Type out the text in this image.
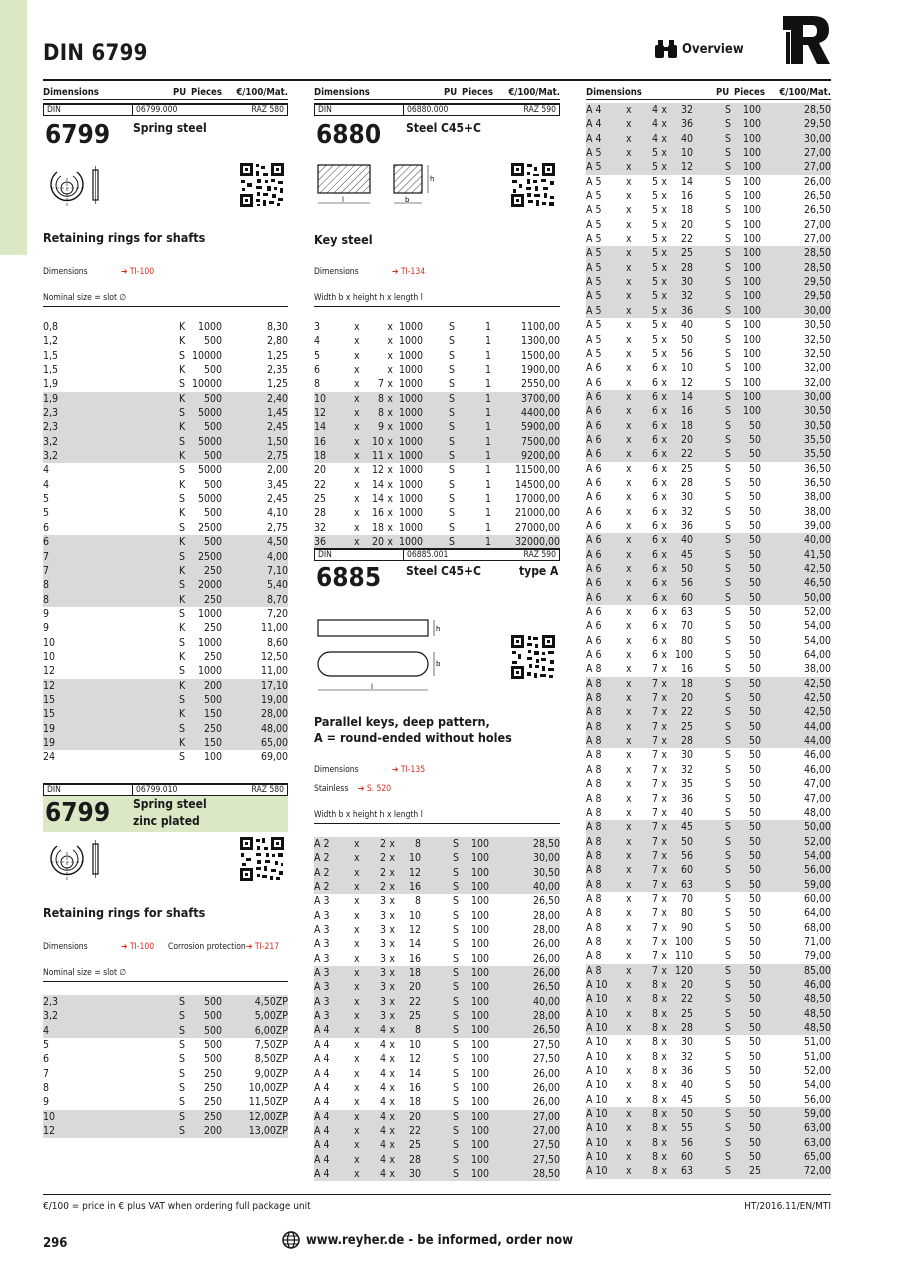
DIN 6799	Overview
Dimensions	PU Pieces €/100/Mat.
DIN	06799.000	RAZ 580
6799 Spring steel
Retaining rings for shafts
Dimensions	➔ TI-100
Nominal size = slot ∅
0,8	K	1000	8,30
1,2	K	500	2,80
1,5	S	10000	1,25
1,5	K	500	2,35
1,9	S	10000	1,25
1,9	K	500	2,40
2,3	S	5000	1,45
2,3	K	500	2,45
3,2	S	5000	1,50
3,2	K	500	2,75
4	S	5000	2,00
4	K	500	3,45
5	S	5000	2,45
5	K	500	4,10
6	S	2500	2,75
6	K	500	4,50
7	S	2500	4,00
7	K	250	7,10
8	S	2000	5,40
8	K	250	8,70
9	S	1000	7,20
9	K	250	11,00
10	S	1000	8,60
10	K	250	12,50
12	S	1000	11,00
12	K	200	17,10
15	S	500	19,00
15	K	150	28,00
19	S	250	48,00
19	K	150	65,00
24	S	100	69,00
DIN	06799.010	RAZ 580
6799 Spring steel
zinc plated
Retaining rings for shafts
Dimensions	➔ TI-100 Corrosion protection ➔ TI-217
Nominal size = slot ∅
2,3	S	500	4,50ZP
3,2	S	500	5,00ZP
4	S	500	6,00ZP
5	S	500	7,50ZP
6	S	500	8,50ZP
7	S	250	9,00ZP
8	S	250	10,00ZP
9	S	250	11,50ZP
10	S	250	12,00ZP
12	S	200	13,00ZP
Dimensions	PU Pieces €/100/Mat.
DIN	06880.000	RAZ 590
6880 Steel C45+C
l	b
h
Key steel
Dimensions	➔ TI-134
Width b x height h x length l
3	x		x	1000	S	1	1100,00
4	x		x	1000	S	1	1300,00
5	x		x	1000	S	1	1500,00
6	x		x	1000	S	1	1900,00
8	x	7	x	1000	S	1	2550,00
10	x	8	x	1000	S	1	3700,00
12	x	8	x	1000	S	1	4400,00
14	x	9	x	1000	S	1	5900,00
16	x	10	x	1000	S	1	7500,00
18	x	11	x	1000	S	1	9200,00
20	x	12	x	1000	S	1	11500,00
22	x	14	x	1000	S	1	14500,00
25	x	14	x	1000	S	1	17000,00
28	x	16	x	1000	S	1	21000,00
32	x	18	x	1000	S	1	27000,00
36	x	20	x	1000	S	1	32000,00
DIN	06885.001	RAZ 590
6885 Steel C45+C	type A
h
b
l
Parallel keys, deep pattern,
A = round-ended without holes
Dimensions	➔ TI-135
Stainless ➔ S. 520
Width b x height h x length l
A 2	x	2	x	8	S	100	28,50
A 2	x	2	x	10	S	100	30,00
A 2	x	2	x	12	S	100	30,50
A 2	x	2	x	16	S	100	40,00
A 3	x	3	x	8	S	100	26,50
A 3	x	3	x	10	S	100	28,00
A 3	x	3	x	12	S	100	28,00
A 3	x	3	x	14	S	100	26,00
A 3	x	3	x	16	S	100	26,00
A 3	x	3	x	18	S	100	26,00
A 3	x	3	x	20	S	100	26,50
A 3	x	3	x	22	S	100	40,00
A 3	x	3	x	25	S	100	28,00
A 4	x	4	x	8	S	100	26,50
A 4	x	4	x	10	S	100	27,50
A 4	x	4	x	12	S	100	27,50
A 4	x	4	x	14	S	100	26,00
A 4	x	4	x	16	S	100	26,00
A 4	x	4	x	18	S	100	26,00
A 4	x	4	x	20	S	100	27,00
A 4	x	4	x	22	S	100	27,00
A 4	x	4	x	25	S	100	27,50
A 4	x	4	x	28	S	100	27,50
A 4	x	4	x	30	S	100	28,50
Dimensions	PU Pieces €/100/Mat.
A 4	x	4	x	32	S	100	28,50
A 4	x	4	x	36	S	100	29,50
A 4	x	4	x	40	S	100	30,00
A 5	x	5	x	10	S	100	27,00
A 5	x	5	x	12	S	100	27,00
A 5	x	5	x	14	S	100	26,00
A 5	x	5	x	16	S	100	26,50
A 5	x	5	x	18	S	100	26,50
A 5	x	5	x	20	S	100	27,00
A 5	x	5	x	22	S	100	27,00
A 5	x	5	x	25	S	100	28,50
A 5	x	5	x	28	S	100	28,50
A 5	x	5	x	30	S	100	29,50
A 5	x	5	x	32	S	100	29,50
A 5	x	5	x	36	S	100	30,00
A 5	x	5	x	40	S	100	30,50
A 5	x	5	x	50	S	100	32,50
A 5	x	5	x	56	S	100	32,50
A 6	x	6	x	10	S	100	32,00
A 6	x	6	x	12	S	100	32,00
A 6	x	6	x	14	S	100	30,00
A 6	x	6	x	16	S	100	30,50
A 6	x	6	x	18	S	50	30,50
A 6	x	6	x	20	S	50	35,50
A 6	x	6	x	22	S	50	35,50
A 6	x	6	x	25	S	50	36,50
A 6	x	6	x	28	S	50	36,50
A 6	x	6	x	30	S	50	38,00
A 6	x	6	x	32	S	50	38,00
A 6	x	6	x	36	S	50	39,00
A 6	x	6	x	40	S	50	40,00
A 6	x	6	x	45	S	50	41,50
A 6	x	6	x	50	S	50	42,50
A 6	x	6	x	56	S	50	46,50
A 6	x	6	x	60	S	50	50,00
A 6	x	6	x	63	S	50	52,00
A 6	x	6	x	70	S	50	54,00
A 6	x	6	x	80	S	50	54,00
A 6	x	6	x	100	S	50	64,00
A 8	x	7	x	16	S	50	38,00
A 8	x	7	x	18	S	50	42,50
A 8	x	7	x	20	S	50	42,50
A 8	x	7	x	22	S	50	42,50
A 8	x	7	x	25	S	50	44,00
A 8	x	7	x	28	S	50	44,00
A 8	x	7	x	30	S	50	46,00
A 8	x	7	x	32	S	50	46,00
A 8	x	7	x	35	S	50	47,00
A 8	x	7	x	36	S	50	47,00
A 8	x	7	x	40	S	50	48,00
A 8	x	7	x	45	S	50	50,00
A 8	x	7	x	50	S	50	52,00
A 8	x	7	x	56	S	50	54,00
A 8	x	7	x	60	S	50	56,00
A 8	x	7	x	63	S	50	59,00
A 8	x	7	x	70	S	50	60,00
A 8	x	7	x	80	S	50	64,00
A 8	x	7	x	90	S	50	68,00
A 8	x	7	x	100	S	50	71,00
A 8	x	7	x	110	S	50	79,00
A 8	x	7	x	120	S	50	85,00
A 10	x	8	x	20	S	50	46,00
A 10	x	8	x	22	S	50	48,50
A 10	x	8	x	25	S	50	48,50
A 10	x	8	x	28	S	50	48,50
A 10	x	8	x	30	S	50	51,00
A 10	x	8	x	32	S	50	51,00
A 10	x	8	x	36	S	50	52,00
A 10	x	8	x	40	S	50	54,00
A 10	x	8	x	45	S	50	56,00
A 10	x	8	x	50	S	50	59,00
A 10	x	8	x	55	S	50	63,00
A 10	x	8	x	56	S	50	63,00
A 10	x	8	x	60	S	50	65,00
A 10	x	8	x	63	S	25	72,00
€/100 = price in € plus VAT when ordering full package unit	HT/2016.11/EN/MTI
296	www.reyher.de - be informed, order now
